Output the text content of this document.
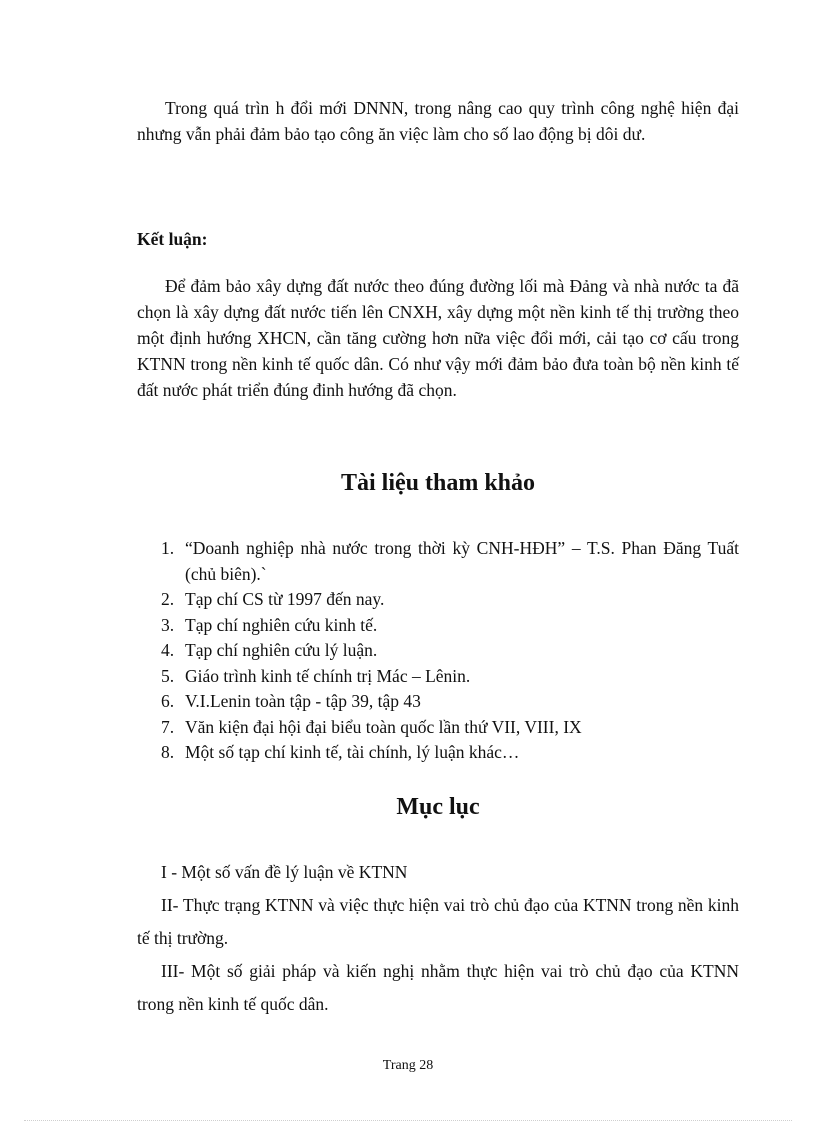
Trong quá trìn h đổi mới DNNN, trong nâng cao quy trình công nghệ hiện đại nhưng vẫn phải đảm bảo tạo công ăn việc làm cho số lao động bị dôi dư.

Kết luận:

Để đảm bảo xây dựng đất nước theo đúng đường lối mà Đảng và nhà nước ta đã chọn là xây dựng đất nước tiến lên CNXH, xây dựng một nền kinh tế thị trường theo một định hướng XHCN, cần tăng cường hơn nữa việc đổi mới, cải tạo cơ cấu trong KTNN trong nền kinh tế quốc dân. Có như vậy mới đảm bảo đưa toàn bộ nền kinh tế đất nước phát triển đúng đinh hướng đã chọn.

Tài liệu tham khảo
1. “Doanh nghiệp nhà nước trong thời kỳ CNH-HĐH” – T.S. Phan Đăng Tuất (chủ biên).`
2. Tạp chí CS từ 1997 đến nay.
3. Tạp chí nghiên cứu kinh tế.
4. Tạp chí nghiên cứu lý luận.
5. Giáo trình kinh tế chính trị Mác – Lênin.
6. V.I.Lenin toàn tập - tập 39, tập 43
7. Văn kiện đại hội đại biểu toàn quốc lần thứ VII, VIII, IX
8. Một số tạp chí kinh tế, tài chính, lý luận khác…
Mục lục
I - Một số vấn đề lý luận về KTNN
II- Thực trạng KTNN và việc thực hiện vai trò chủ đạo của KTNN trong nền kinh tế thị trường.
III- Một số giải pháp và kiến nghị nhằm thực hiện vai trò chủ đạo của KTNN trong nền kinh tế quốc dân.
Trang 28
